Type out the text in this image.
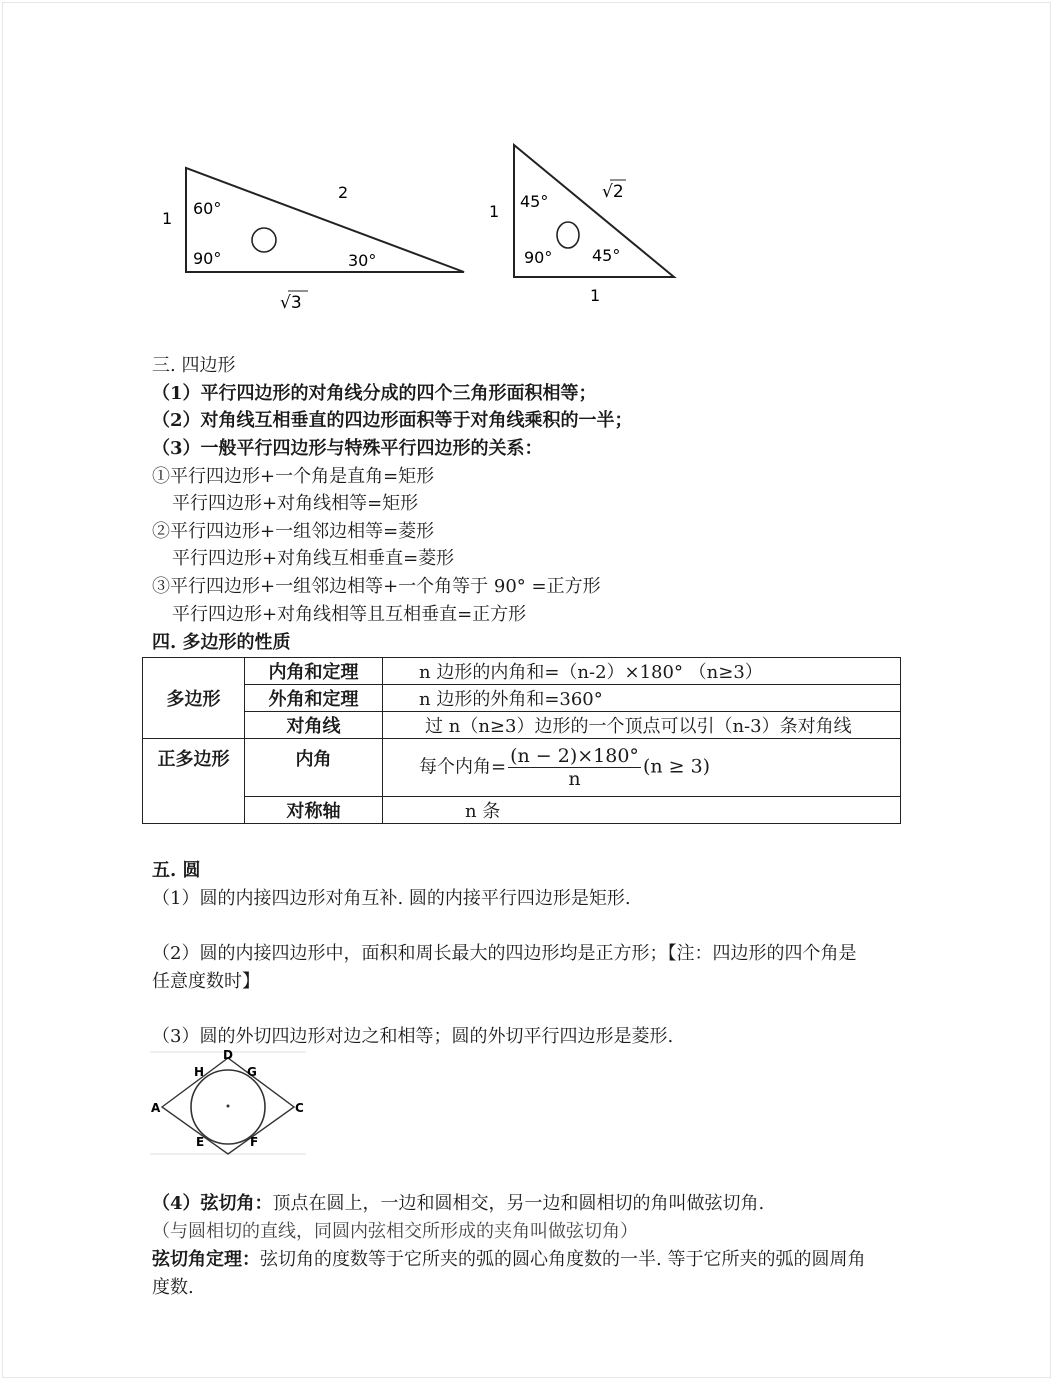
1
2
√3
60°
90°	30°
1
√2
1
45°
90° 45°
三. 四边形
（1）平行四边形的对角线分成的四个三角形面积相等；
（2）对角线互相垂直的四边形面积等于对角线乘积的一半；
（3）一般平行四边形与特殊平行四边形的关系：
①平行四边形+一个角是直角=矩形
平行四边形+对角线相等=矩形
②平行四边形+一组邻边相等=菱形
平行四边形+对角线互相垂直=菱形
③平行四边形+一组邻边相等+一个角等于 90° =正方形
平行四边形+对角线相等且互相垂直=正方形
四. 多边形的性质
多边形	内角和定理	n 边形的内角和=（n-2）×180° （n≥3）
	外角和定理	n 边形的外角和=360°
	对角线	过 n（n≥3）边形的一个顶点可以引（n-3）条对角线
正多边形	内角	每个内角= $\frac{(n - 2)\times 180^\circ}{n} (n \ge 3)$
	对称轴	n 条
五. 圆
（1）圆的内接四边形对角互补. 圆的内接平行四边形是矩形.
（2）圆的内接四边形中，面积和周长最大的四边形均是正方形；【注：四边形的四个角是
任意度数时】
（3）圆的外切四边形对边之和相等；圆的外切平行四边形是菱形.
D
H	G
A	C
E	F
（4）弦切角：顶点在圆上，一边和圆相交，另一边和圆相切的角叫做弦切角.
（与圆相切的直线，同圆内弦相交所形成的夹角叫做弦切角）
弦切角定理：弦切角的度数等于它所夹的弧的圆心角度数的一半. 等于它所夹的弧的圆周角
度数.
